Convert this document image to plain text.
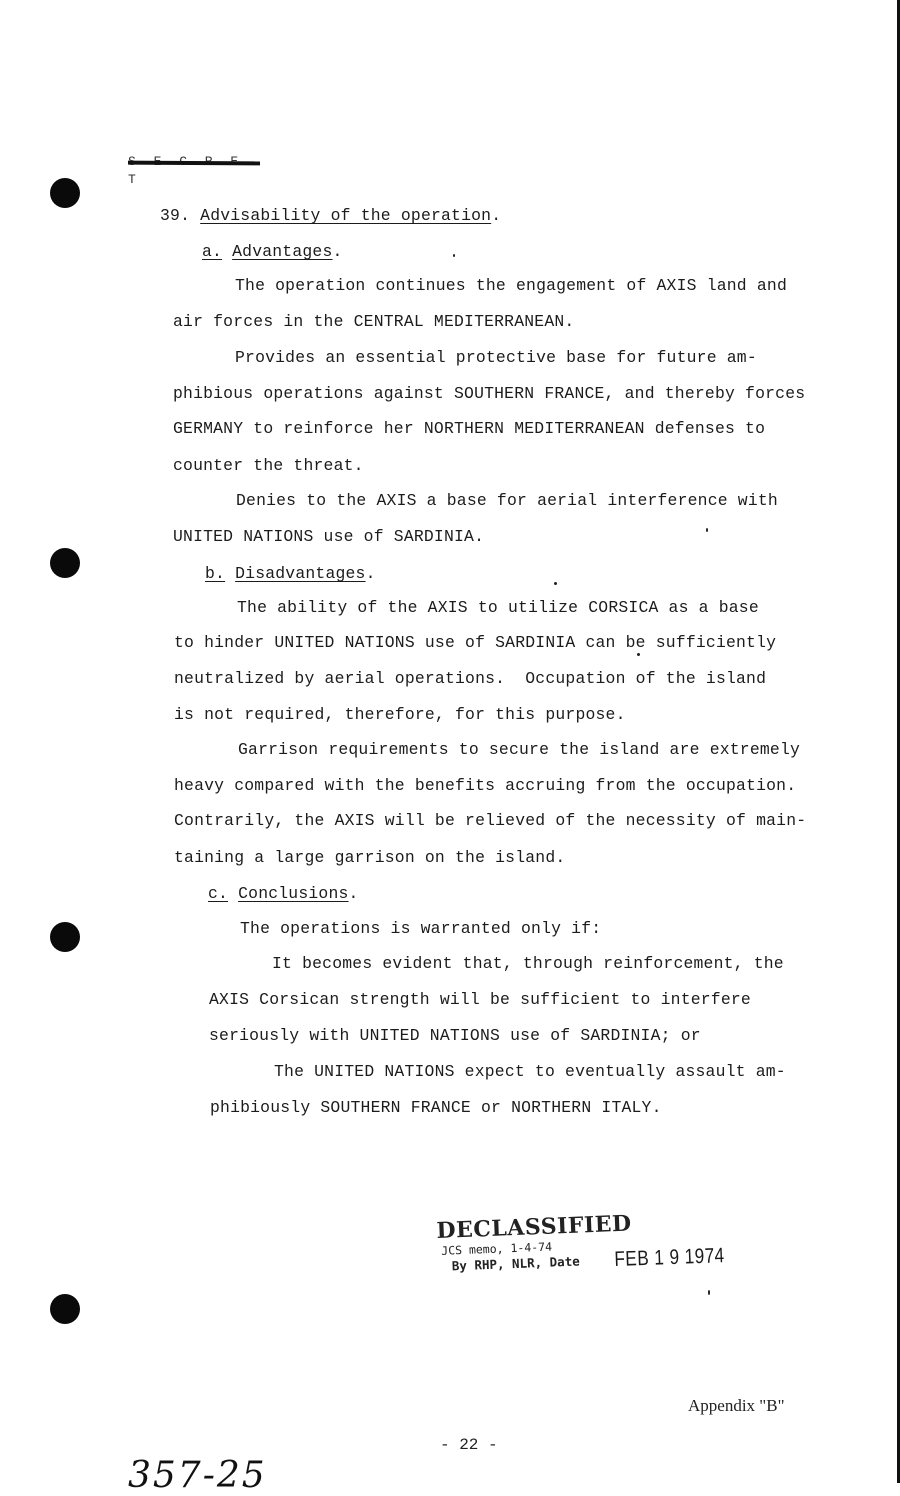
T
39. Advisability of the operation.
a. Advantages.
The operation continues the engagement of AXIS land and
air forces in the CENTRAL MEDITERRANEAN.
Provides an essential protective base for future am-
phibious operations against SOUTHERN FRANCE, and thereby forces
GERMANY to reinforce her NORTHERN MEDITERRANEAN defenses to
counter the threat.
Denies to the AXIS a base for aerial interference with
UNITED NATIONS use of SARDINIA.
b. Disadvantages.
The ability of the AXIS to utilize CORSICA as a base
to hinder UNITED NATIONS use of SARDINIA can be sufficiently
neutralized by aerial operations.  Occupation of the island
is not required, therefore, for this purpose.
Garrison requirements to secure the island are extremely
heavy compared with the benefits accruing from the occupation.
Contrarily, the AXIS will be relieved of the necessity of main-
taining a large garrison on the island.
c. Conclusions.
The operations is warranted only if:
It becomes evident that, through reinforcement, the
AXIS Corsican strength will be sufficient to interfere
seriously with UNITED NATIONS use of SARDINIA; or
The UNITED NATIONS expect to eventually assault am-
phibiously SOUTHERN FRANCE or NORTHERN ITALY.
DECLASSIFIED
JCS memo, 1-4-74
By RHP, NLR, Date	FEB 1 9 1974
Appendix "B"
- 22 -
357-25
